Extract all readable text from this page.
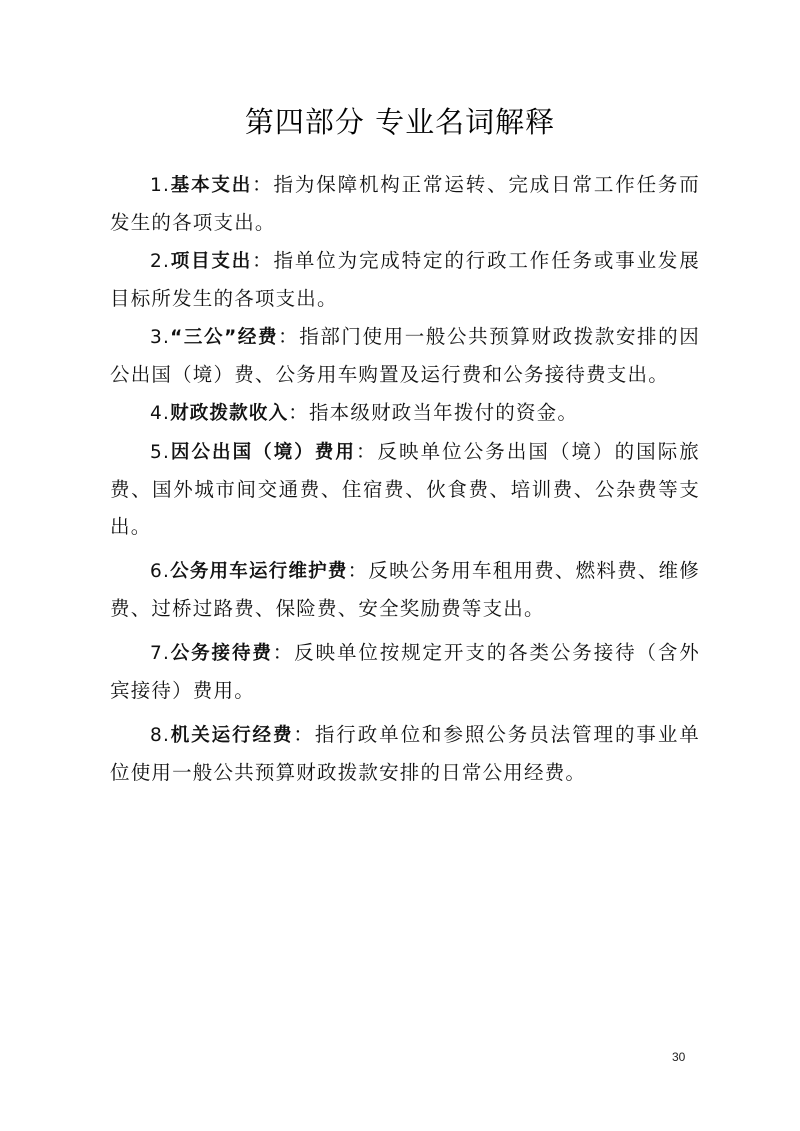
第四部分 专业名词解释

1.基本支出：指为保障机构正常运转、完成日常工作任务而发生的各项支出。

2.项目支出：指单位为完成特定的行政工作任务或事业发展目标所发生的各项支出。

3.“三公”经费：指部门使用一般公共预算财政拨款安排的因公出国（境）费、公务用车购置及运行费和公务接待费支出。

4.财政拨款收入：指本级财政当年拨付的资金。

5.因公出国（境）费用：反映单位公务出国（境）的国际旅费、国外城市间交通费、住宿费、伙食费、培训费、公杂费等支出。

6.公务用车运行维护费：反映公务用车租用费、燃料费、维修费、过桥过路费、保险费、安全奖励费等支出。

7.公务接待费：反映单位按规定开支的各类公务接待（含外宾接待）费用。

8.机关运行经费：指行政单位和参照公务员法管理的事业单位使用一般公共预算财政拨款安排的日常公用经费。

30
